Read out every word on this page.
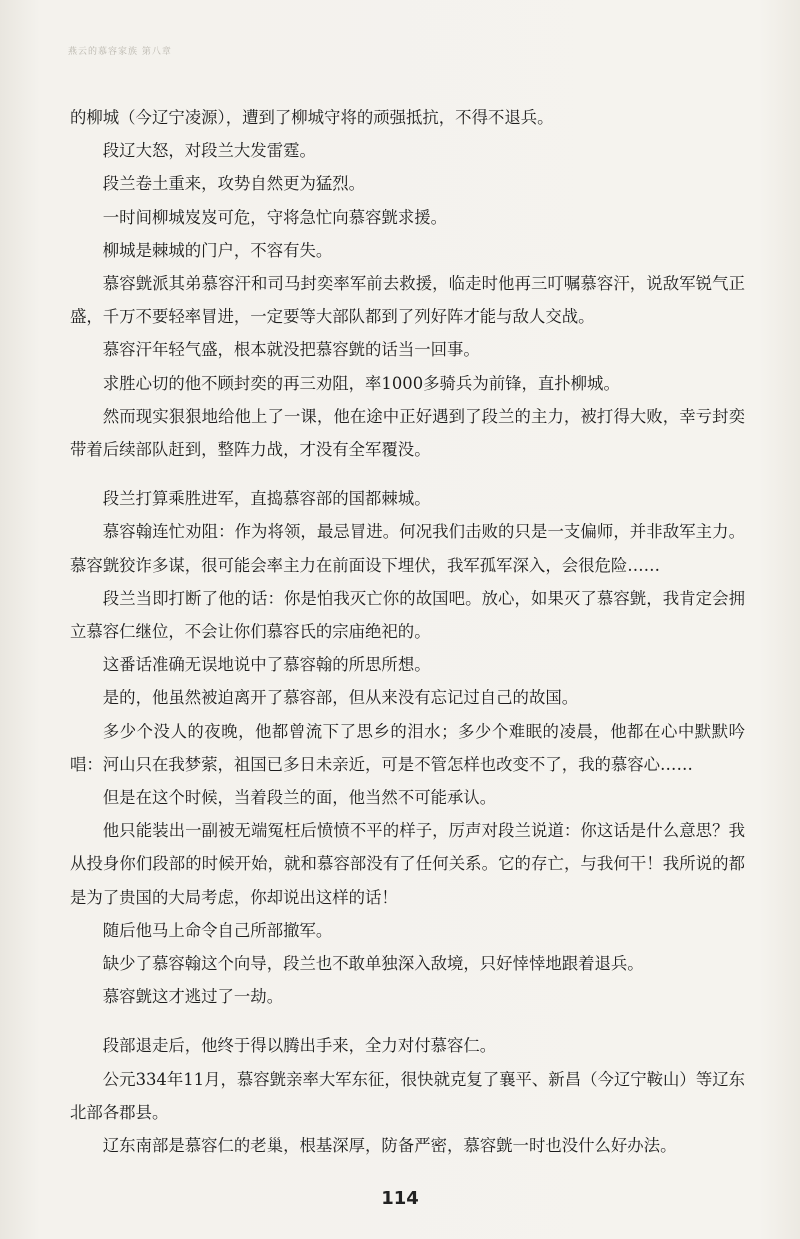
燕云的慕容家族 第八章

的柳城（今辽宁凌源），遭到了柳城守将的顽强抵抗，不得不退兵。

段辽大怒，对段兰大发雷霆。

段兰卷土重来，攻势自然更为猛烈。

一时间柳城岌岌可危，守将急忙向慕容皝求援。

柳城是棘城的门户，不容有失。

慕容皝派其弟慕容汗和司马封奕率军前去救援，临走时他再三叮嘱慕容汗，说敌军锐气正盛，千万不要轻率冒进，一定要等大部队都到了列好阵才能与敌人交战。

慕容汗年轻气盛，根本就没把慕容皝的话当一回事。

求胜心切的他不顾封奕的再三劝阻，率1000多骑兵为前锋，直扑柳城。

然而现实狠狠地给他上了一课，他在途中正好遇到了段兰的主力，被打得大败，幸亏封奕带着后续部队赶到，整阵力战，才没有全军覆没。

段兰打算乘胜进军，直捣慕容部的国都棘城。

慕容翰连忙劝阻：作为将领，最忌冒进。何况我们击败的只是一支偏师，并非敌军主力。慕容皝狡诈多谋，很可能会率主力在前面设下埋伏，我军孤军深入，会很危险……

段兰当即打断了他的话：你是怕我灭亡你的故国吧。放心，如果灭了慕容皝，我肯定会拥立慕容仁继位，不会让你们慕容氏的宗庙绝祀的。

这番话准确无误地说中了慕容翰的所思所想。

是的，他虽然被迫离开了慕容部，但从来没有忘记过自己的故国。

多少个没人的夜晚，他都曾流下了思乡的泪水；多少个难眠的凌晨，他都在心中默默吟唱：河山只在我梦萦，祖国已多日未亲近，可是不管怎样也改变不了，我的慕容心……

但是在这个时候，当着段兰的面，他当然不可能承认。

他只能装出一副被无端冤枉后愤愤不平的样子，厉声对段兰说道：你这话是什么意思？我从投身你们段部的时候开始，就和慕容部没有了任何关系。它的存亡，与我何干！我所说的都是为了贵国的大局考虑，你却说出这样的话！

随后他马上命令自己所部撤军。

缺少了慕容翰这个向导，段兰也不敢单独深入敌境，只好悻悻地跟着退兵。

慕容皝这才逃过了一劫。

段部退走后，他终于得以腾出手来，全力对付慕容仁。

公元334年11月，慕容皝亲率大军东征，很快就克复了襄平、新昌（今辽宁鞍山）等辽东北部各郡县。

辽东南部是慕容仁的老巢，根基深厚，防备严密，慕容皝一时也没什么好办法。

114
